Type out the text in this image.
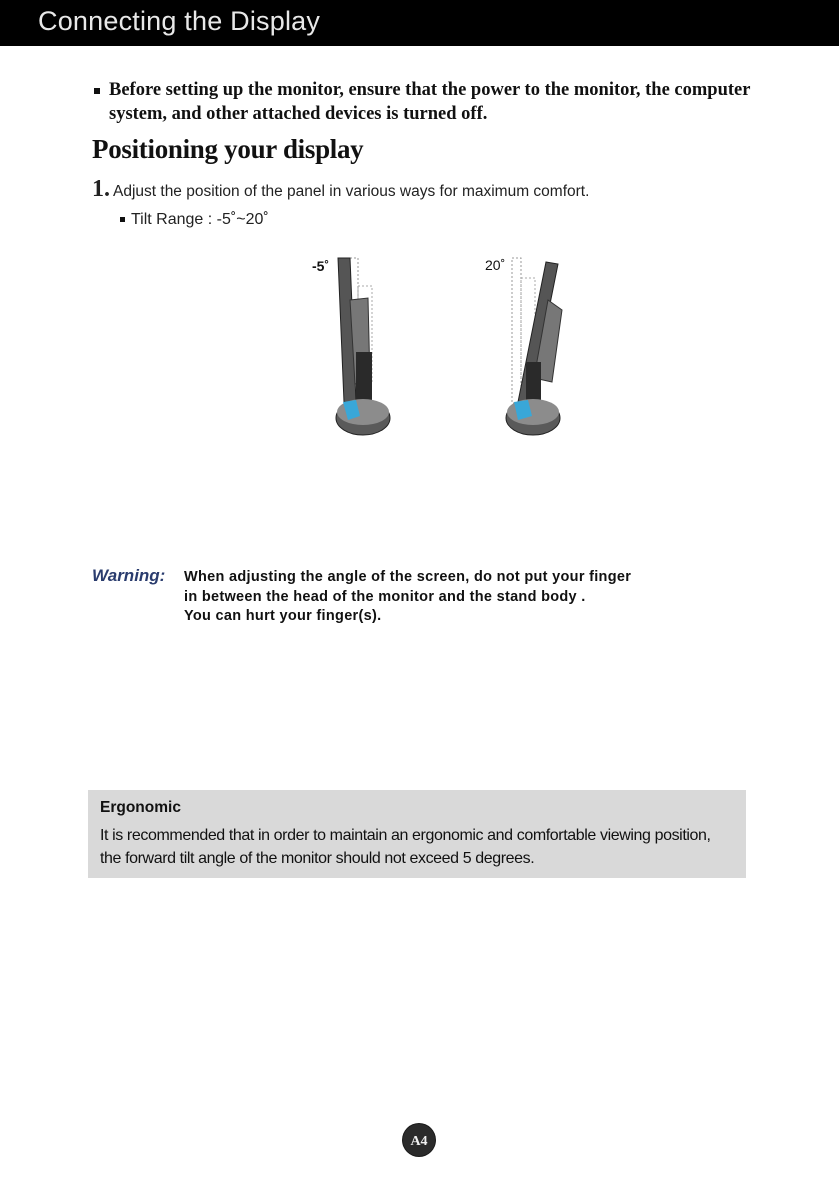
Connecting the Display
Before setting up the monitor, ensure that the power to the monitor, the computer system, and other attached devices is turned off.
Positioning your display
1. Adjust the position of the panel in various ways for maximum comfort.
Tilt Range : -5˚~20˚
-5˚	20˚
Warning: When adjusting the angle of the screen, do not put your finger
in between the head of the monitor and the stand body .
You can hurt your finger(s).
Ergonomic
It is recommended that in order to maintain an ergonomic and comfortable viewing position, the forward tilt angle of the monitor should not exceed 5 degrees.
A4
